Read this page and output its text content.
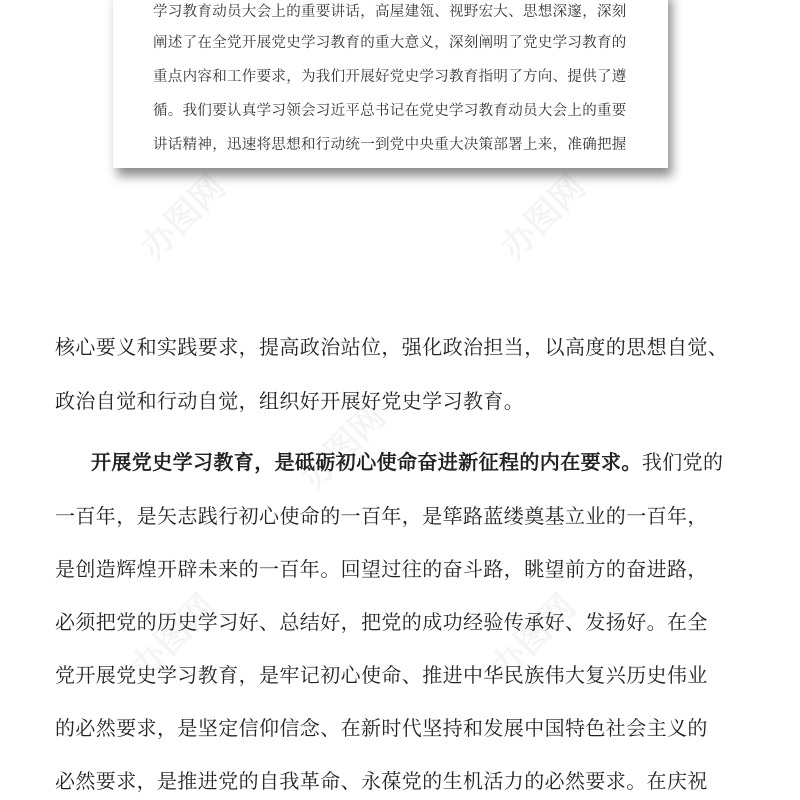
学习教育动员大会上的重要讲话，高屋建瓴、视野宏大、思想深邃，深刻
阐述了在全党开展党史学习教育的重大意义，深刻阐明了党史学习教育的
重点内容和工作要求，为我们开展好党史学习教育指明了方向、提供了遵
循。我们要认真学习领会习近平总书记在党史学习教育动员大会上的重要
讲话精神，迅速将思想和行动统一到党中央重大决策部署上来，准确把握
核心要义和实践要求，提高政治站位，强化政治担当，以高度的思想自觉、
政治自觉和行动自觉，组织好开展好党史学习教育。
开展党史学习教育，是砥砺初心使命奋进新征程的内在要求。我们党的
一百年，是矢志践行初心使命的一百年，是筚路蓝缕奠基立业的一百年，
是创造辉煌开辟未来的一百年。回望过往的奋斗路，眺望前方的奋进路，
必须把党的历史学习好、总结好，把党的成功经验传承好、发扬好。在全
党开展党史学习教育，是牢记初心使命、推进中华民族伟大复兴历史伟业
的必然要求，是坚定信仰信念、在新时代坚持和发展中国特色社会主义的
必然要求，是推进党的自我革命、永葆党的生机活力的必然要求。在庆祝
